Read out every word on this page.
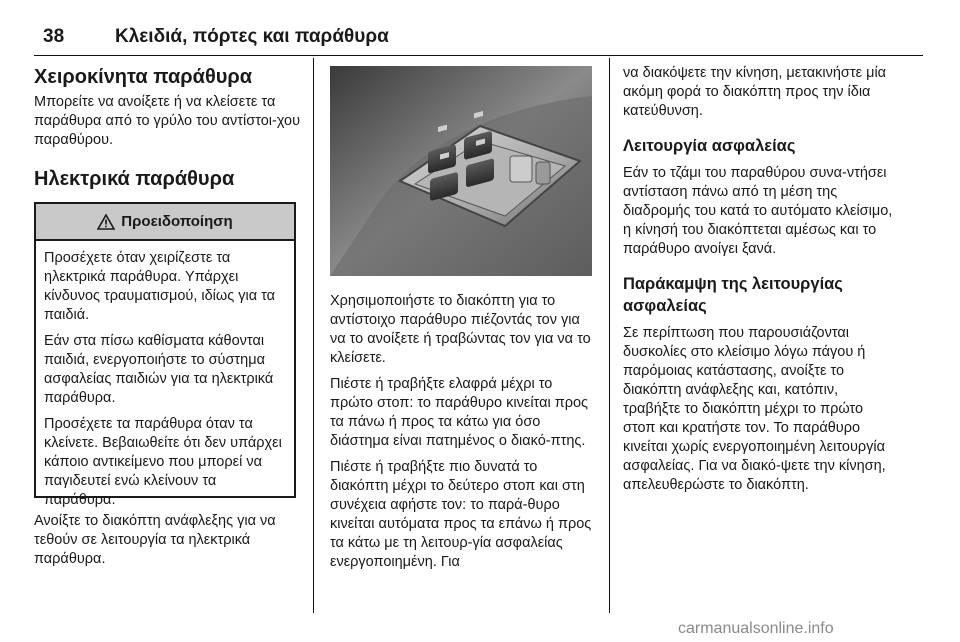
38	Κλειδιά, πόρτες και παράθυρα
Χειροκίνητα παράθυρα

Μπορείτε να ανοίξετε ή να κλείσετε τα παράθυρα από το γρύλο του αντίστοι-χου παραθύρου.

Ηλεκτρικά παράθυρα
Προειδοποίηση

Προσέχετε όταν χειρίζεστε τα ηλεκτρικά παράθυρα. Υπάρχει κίνδυνος τραυματισμού, ιδίως για τα παιδιά.

Εάν στα πίσω καθίσματα κάθονται παιδιά, ενεργοποιήστε το σύστημα ασφαλείας παιδιών για τα ηλεκτρικά παράθυρα.

Προσέχετε τα παράθυρα όταν τα κλείνετε. Βεβαιωθείτε ότι δεν υπάρχει κάποιο αντικείμενο που μπορεί να παγιδευτεί ενώ κλείνουν τα παράθυρα.

Ανοίξτε το διακόπτη ανάφλεξης για να τεθούν σε λειτουργία τα ηλεκτρικά παράθυρα.

Χρησιμοποιήστε το διακόπτη για το αντίστοιχο παράθυρο πιέζοντάς τον για να το ανοίξετε ή τραβώντας τον για να το κλείσετε.

Πιέστε ή τραβήξτε ελαφρά μέχρι το πρώτο στοπ: το παράθυρο κινείται προς τα πάνω ή προς τα κάτω για όσο διάστημα είναι πατημένος ο διακό-πτης.

Πιέστε ή τραβήξτε πιο δυνατά το διακόπτη μέχρι το δεύτερο στοπ και στη συνέχεια αφήστε τον: το παρά-θυρο κινείται αυτόματα προς τα επάνω ή προς τα κάτω με τη λειτουρ-γία ασφαλείας ενεργοποιημένη. Για

να διακόψετε την κίνηση, μετακινήστε μία ακόμη φορά το διακόπτη προς την ίδια κατεύθυνση.

Λειτουργία ασφαλείας

Εάν το τζάμι του παραθύρου συνα-ντήσει αντίσταση πάνω από τη μέση της διαδρομής του κατά το αυτόματο κλείσιμο, η κίνησή του διακόπτεται αμέσως και το παράθυρο ανοίγει ξανά.

Παράκαμψη της λειτουργίας ασφαλείας

Σε περίπτωση που παρουσιάζονται δυσκολίες στο κλείσιμο λόγω πάγου ή παρόμοιας κατάστασης, ανοίξτε το διακόπτη ανάφλεξης και, κατόπιν, τραβήξτε το διακόπτη μέχρι το πρώτο στοπ και κρατήστε τον. Το παράθυρο κινείται χωρίς ενεργοποιημένη λειτουργία ασφαλείας. Για να διακό-ψετε την κίνηση, απελευθερώστε το διακόπτη.

carmanualsonline.info
